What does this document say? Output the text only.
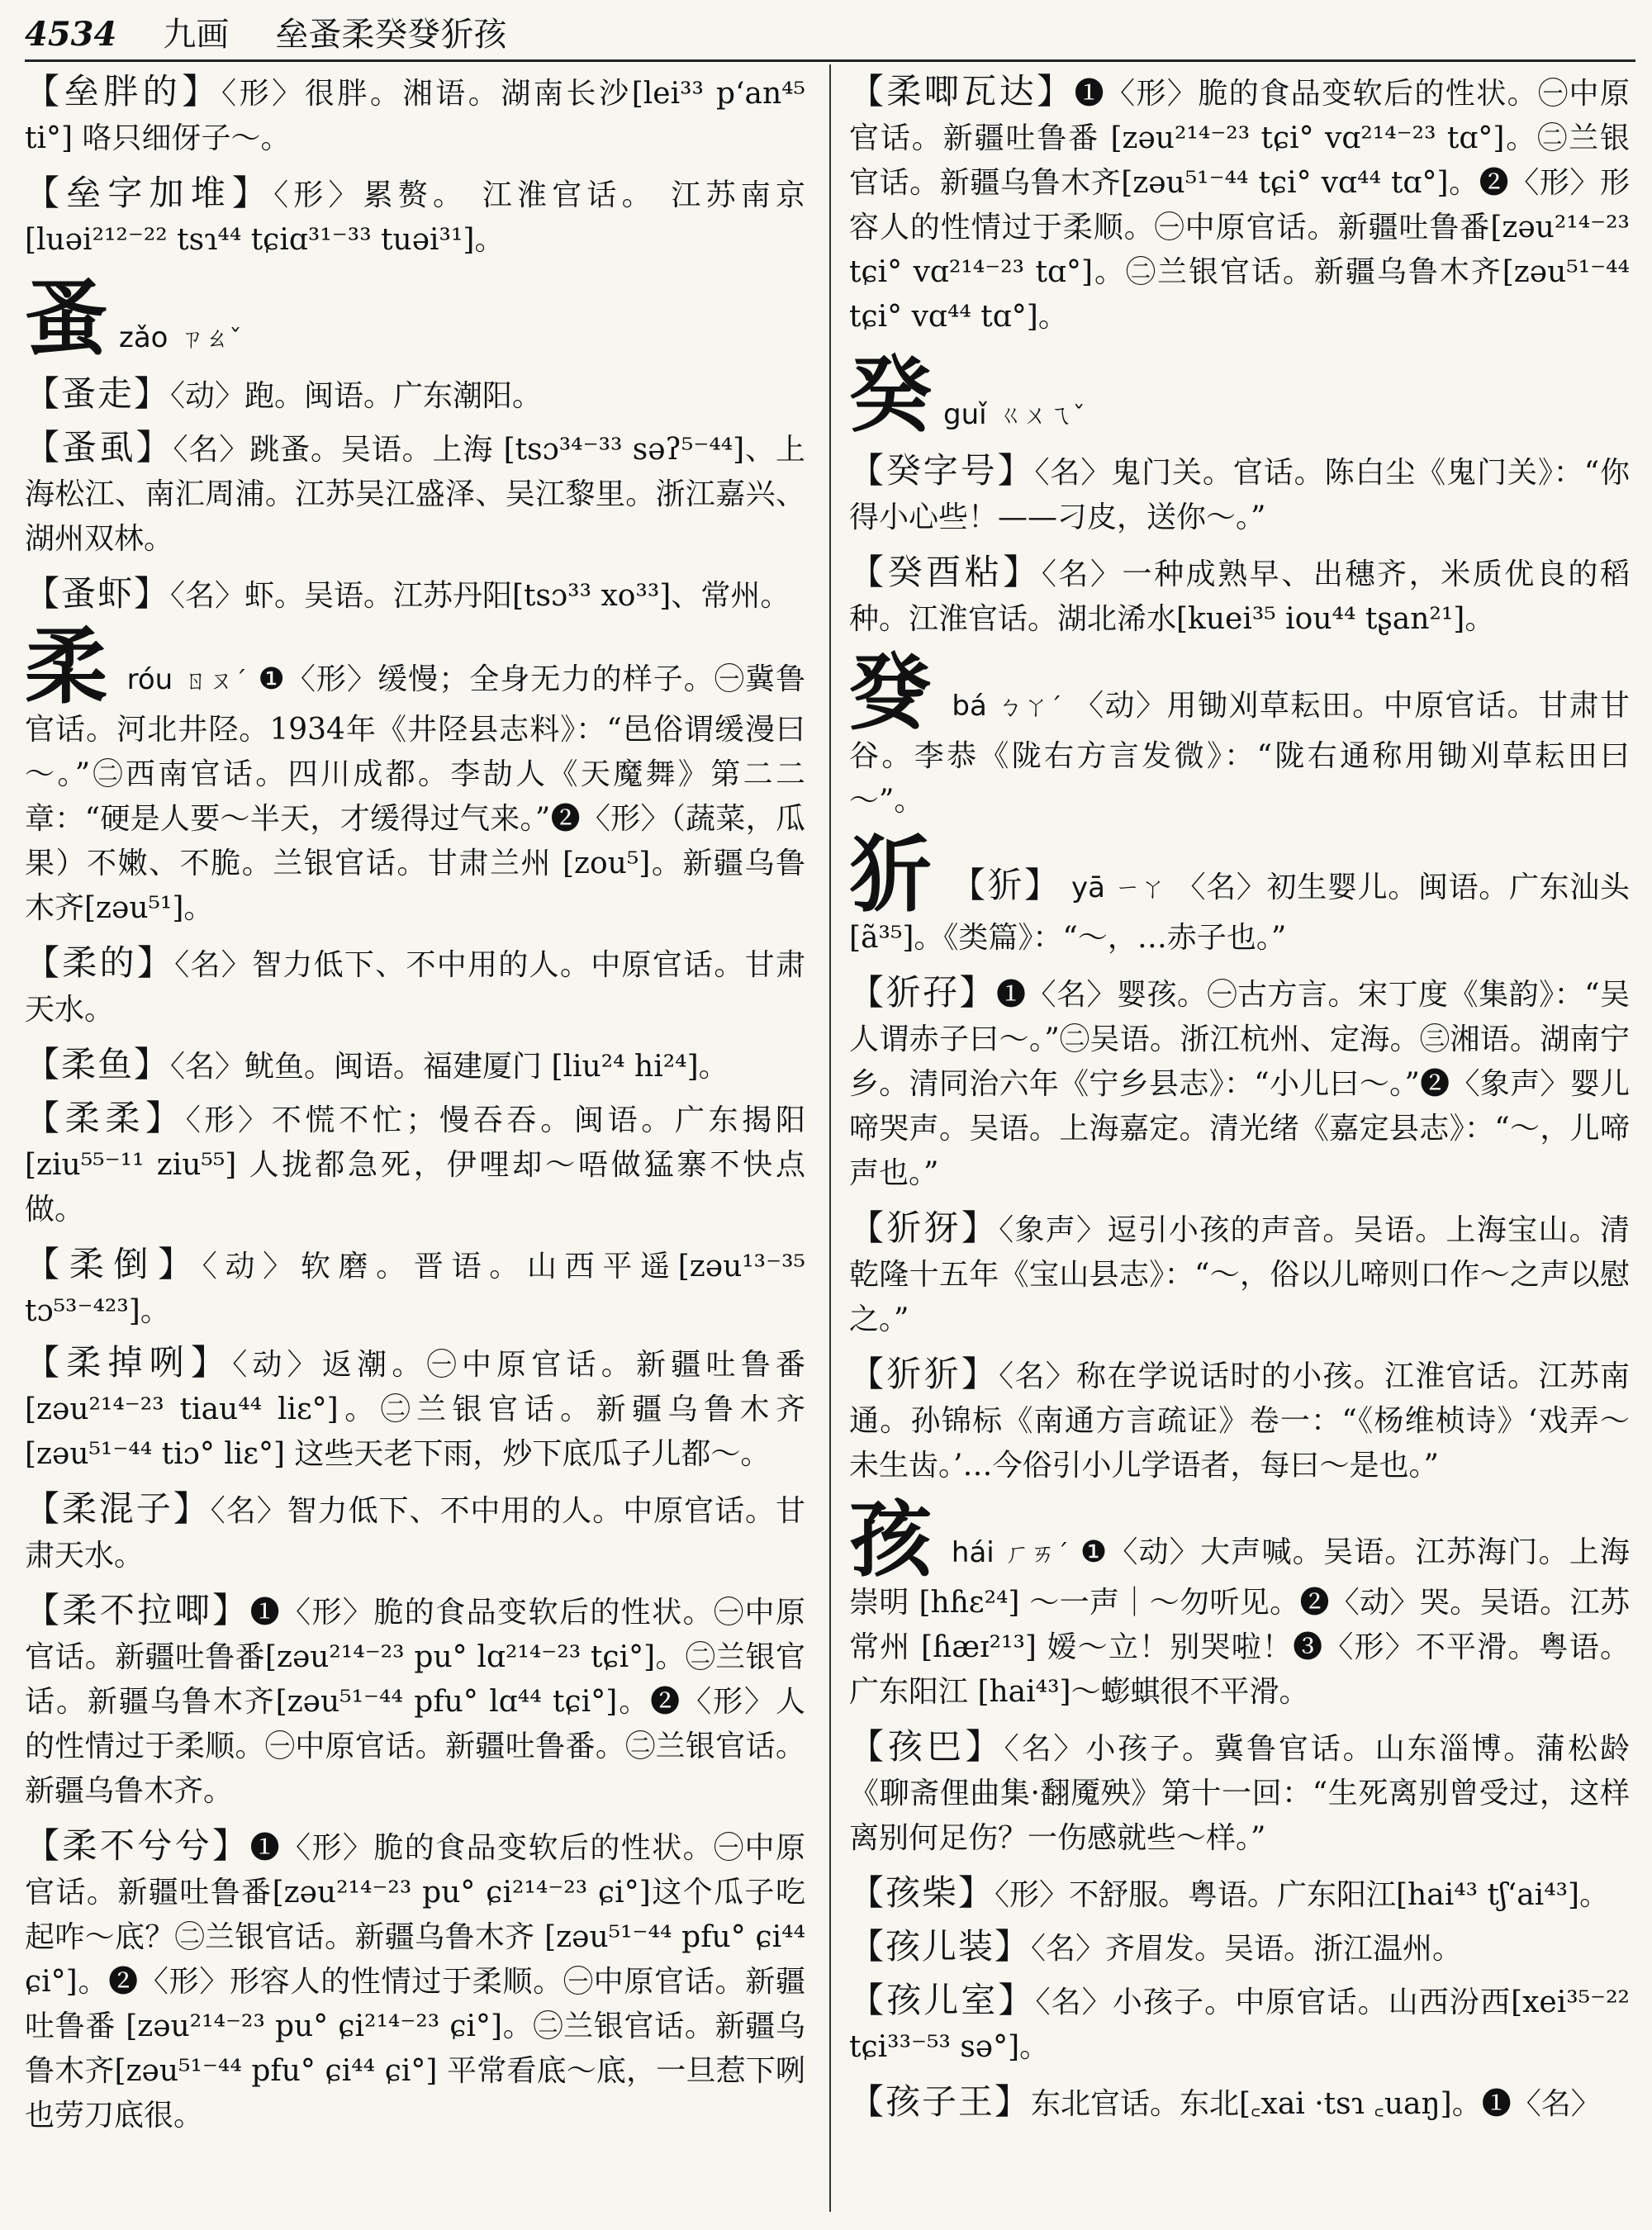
4534 九画 垒蚤柔癸癹㹞孩
【垒胖的】〈形〉很胖。湘语。湖南长沙[lei³³ p‘an⁴⁵ ti°] 咯只细伢子～。
【垒字加堆】〈形〉累赘。 江淮官话。 江苏南京 [luəi²¹²⁻²² tsɿ⁴⁴ tɕiɑ³¹⁻³³ tuəi³¹]。
蚤 zǎo ㄗㄠˇ
【蚤走】〈动〉跑。闽语。广东潮阳。
【蚤虱】〈名〉跳蚤。吴语。上海 [tsɔ³⁴⁻³³ səʔ⁵⁻⁴⁴]、上海松江、南汇周浦。江苏吴江盛泽、吴江黎里。浙江嘉兴、湖州双林。
【蚤虾】〈名〉虾。吴语。江苏丹阳[tsɔ³³ xo³³]、常州。
柔 róu ㄖㄡˊ ❶〈形〉缓慢；全身无力的样子。㊀冀鲁官话。河北井陉。1934年《井陉县志料》：“邑俗谓缓漫曰～。”㊁西南官话。四川成都。李劼人《天魔舞》第二二章：“硬是人要～半天，才缓得过气来。”❷〈形〉（蔬菜，瓜果）不嫩、不脆。兰银官话。甘肃兰州 [zou⁵]。新疆乌鲁木齐[zəu⁵¹]。
【柔的】〈名〉智力低下、不中用的人。中原官话。甘肃天水。
【柔鱼】〈名〉鱿鱼。闽语。福建厦门 [liu²⁴ hi²⁴]。
【柔柔】〈形〉不慌不忙；慢吞吞。闽语。广东揭阳 [ziu⁵⁵⁻¹¹ ziu⁵⁵] 人拢都急死，伊哩却～唔做猛寨不快点做。
【柔倒】〈动〉软磨。晋语。山西平遥[zəu¹³⁻³⁵ tɔ⁵³⁻⁴²³]。
【柔掉咧】〈动〉返潮。㊀中原官话。新疆吐鲁番 [zəu²¹⁴⁻²³ tiau⁴⁴ liɛ°]。㊁兰银官话。新疆乌鲁木齐[zəu⁵¹⁻⁴⁴ tiɔ° liɛ°] 这些天老下雨，炒下底瓜子儿都～。
【柔混子】〈名〉智力低下、不中用的人。中原官话。甘肃天水。
【柔不拉唧】❶〈形〉脆的食品变软后的性状。㊀中原官话。新疆吐鲁番[zəu²¹⁴⁻²³ pu° lɑ²¹⁴⁻²³ tɕi°]。㊁兰银官话。新疆乌鲁木齐[zəu⁵¹⁻⁴⁴ pfu° lɑ⁴⁴ tɕi°]。❷〈形〉人的性情过于柔顺。㊀中原官话。新疆吐鲁番。㊁兰银官话。新疆乌鲁木齐。
【柔不兮兮】❶〈形〉脆的食品变软后的性状。㊀中原官话。新疆吐鲁番[zəu²¹⁴⁻²³ pu° ɕi²¹⁴⁻²³ ɕi°]这个瓜子吃起咋～底？㊁兰银官话。新疆乌鲁木齐 [zəu⁵¹⁻⁴⁴ pfu° ɕi⁴⁴ ɕi°]。❷〈形〉形容人的性情过于柔顺。㊀中原官话。新疆吐鲁番 [zəu²¹⁴⁻²³ pu° ɕi²¹⁴⁻²³ ɕi°]。㊁兰银官话。新疆乌鲁木齐[zəu⁵¹⁻⁴⁴ pfu° ɕi⁴⁴ ɕi°] 平常看底～底，一旦惹下咧也劳刀底很。
【柔唧瓦达】❶〈形〉脆的食品变软后的性状。㊀中原官话。新疆吐鲁番 [zəu²¹⁴⁻²³ tɕi° vɑ²¹⁴⁻²³ tɑ°]。㊁兰银官话。新疆乌鲁木齐[zəu⁵¹⁻⁴⁴ tɕi° vɑ⁴⁴ tɑ°]。❷〈形〉形容人的性情过于柔顺。㊀中原官话。新疆吐鲁番[zəu²¹⁴⁻²³ tɕi° vɑ²¹⁴⁻²³ tɑ°]。㊁兰银官话。新疆乌鲁木齐[zəu⁵¹⁻⁴⁴ tɕi° vɑ⁴⁴ tɑ°]。
癸 guǐ ㄍㄨㄟˇ
【癸字号】〈名〉鬼门关。官话。陈白尘《鬼门关》：“你得小心些！——刁皮，送你～。”
【癸酉粘】〈名〉一种成熟早、出穗齐，米质优良的稻种。江淮官话。湖北浠水[kuei³⁵ iou⁴⁴ tʂan²¹]。
癹 bá ㄅㄚˊ 〈动〉用锄刈草耘田。中原官话。甘肃甘谷。李恭《陇右方言发微》：“陇右通称用锄刈草耘田曰～”。
㹞 【㹞】 yā ㄧㄚ 〈名〉初生婴儿。闽语。广东汕头 [ã³⁵]。《类篇》：“～，…赤子也。”
【㹞孖】❶〈名〉婴孩。㊀古方言。宋丁度《集韵》：“吴人谓赤子曰～。”㊁吴语。浙江杭州、定海。㊂湘语。湖南宁乡。清同治六年《宁乡县志》：“小儿曰～。”❷〈象声〉婴儿啼哭声。吴语。上海嘉定。清光绪《嘉定县志》：“～，儿啼声也。”
【㹞犽】〈象声〉逗引小孩的声音。吴语。上海宝山。清乾隆十五年《宝山县志》：“～，俗以儿啼则口作～之声以慰之。”
【㹞㹞】〈名〉称在学说话时的小孩。江淮官话。江苏南通。孙锦标《南通方言疏证》卷一：“《杨维桢诗》‘戏弄～未生齿。’…今俗引小儿学语者，每曰～是也。”
孩 hái ㄏㄞˊ ❶〈动〉大声喊。吴语。江苏海门。上海崇明 [hɦɛ²⁴] ～一声｜～勿听见。❷〈动〉哭。吴语。江苏常州 [ɦæɪ²¹³] 嫒～立！别哭啦！❸〈形〉不平滑。粤语。广东阳江 [hai⁴³]～蟛蜞很不平滑。
【孩巴】〈名〉小孩子。冀鲁官话。山东淄博。蒲松龄《聊斋俚曲集·翻魇殃》第十一回：“生死离别曾受过，这样离别何足伤？一伤感就些～样。”
【孩柴】〈形〉不舒服。粤语。广东阳江[hai⁴³ tʃ‘ai⁴³]。
【孩儿装】〈名〉齐眉发。吴语。浙江温州。
【孩儿室】〈名〉小孩子。中原官话。山西汾西[xei³⁵⁻²² tɕi³³⁻⁵³ sə°]。
【孩子王】东北官话。东北[꜀xai ·tsɿ ꜀uaŋ]。❶〈名〉
